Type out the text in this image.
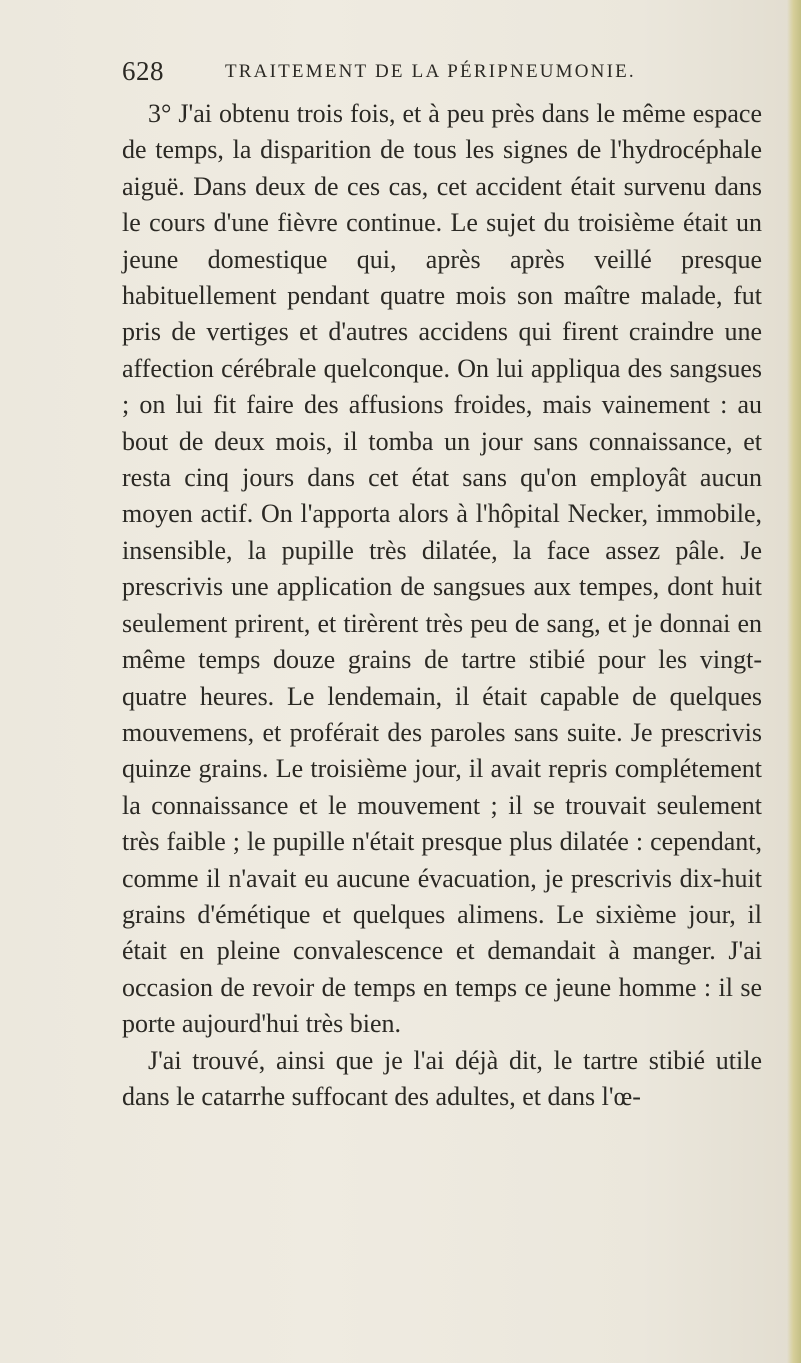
628	TRAITEMENT DE LA PÉRIPNEUMONIE.

3° J'ai obtenu trois fois, et à peu près dans le même espace de temps, la disparition de tous les signes de l'hydrocéphale aiguë. Dans deux de ces cas, cet accident était survenu dans le cours d'une fièvre continue. Le sujet du troisième était un jeune domestique qui, après après veillé presque habituellement pendant quatre mois son maître malade, fut pris de vertiges et d'autres accidens qui firent craindre une affection cérébrale quelconque. On lui appliqua des sangsues ; on lui fit faire des affusions froides, mais vainement : au bout de deux mois, il tomba un jour sans connaissance, et resta cinq jours dans cet état sans qu'on employât aucun moyen actif. On l'apporta alors à l'hôpital Necker, immobile, insensible, la pupille très dilatée, la face assez pâle. Je prescrivis une application de sangsues aux tempes, dont huit seulement prirent, et tirèrent très peu de sang, et je donnai en même temps douze grains de tartre stibié pour les vingt-quatre heures. Le lendemain, il était capable de quelques mouvemens, et proférait des paroles sans suite. Je prescrivis quinze grains. Le troisième jour, il avait repris complétement la connaissance et le mouvement ; il se trouvait seulement très faible ; le pupille n'était presque plus dilatée : cependant, comme il n'avait eu aucune évacuation, je prescrivis dix-huit grains d'émétique et quelques alimens. Le sixième jour, il était en pleine convalescence et demandait à manger. J'ai occasion de revoir de temps en temps ce jeune homme : il se porte aujourd'hui très bien.

J'ai trouvé, ainsi que je l'ai déjà dit, le tartre stibié utile dans le catarrhe suffocant des adultes, et dans l'œ-
